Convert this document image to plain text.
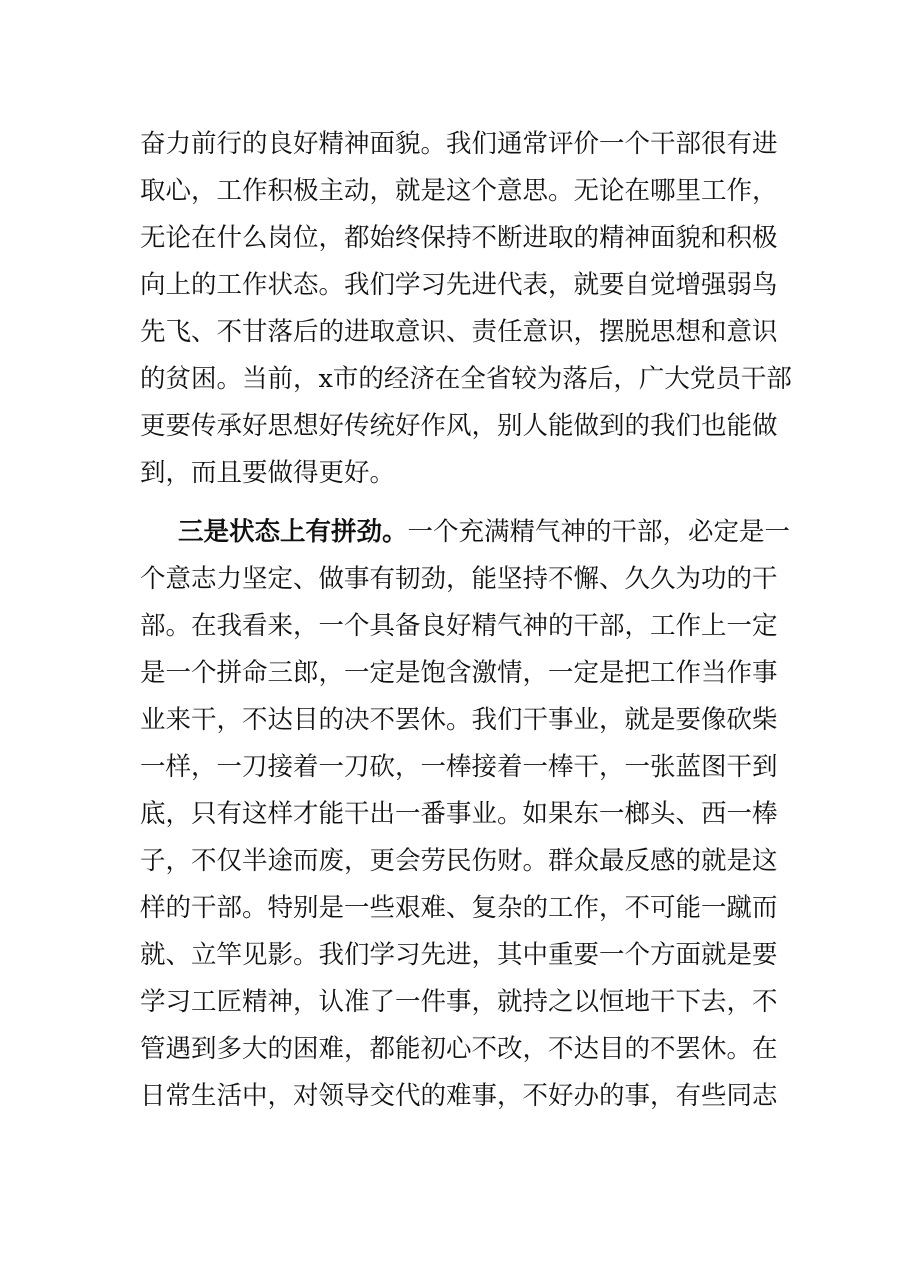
奋力前行的良好精神面貌。我们通常评价一个干部很有进
取心，工作积极主动，就是这个意思。无论在哪里工作，
无论在什么岗位，都始终保持不断进取的精神面貌和积极
向上的工作状态。我们学习先进代表，就要自觉增强弱鸟
先飞、不甘落后的进取意识、责任意识，摆脱思想和意识
的贫困。当前，x市的经济在全省较为落后，广大党员干部
更要传承好思想好传统好作风，别人能做到的我们也能做
到，而且要做得更好。
三是状态上有拼劲。一个充满精气神的干部，必定是一
个意志力坚定、做事有韧劲，能坚持不懈、久久为功的干
部。在我看来，一个具备良好精气神的干部，工作上一定
是一个拼命三郎，一定是饱含激情，一定是把工作当作事
业来干，不达目的决不罢休。我们干事业，就是要像砍柴
一样，一刀接着一刀砍，一棒接着一棒干，一张蓝图干到
底，只有这样才能干出一番事业。如果东一榔头、西一棒
子，不仅半途而废，更会劳民伤财。群众最反感的就是这
样的干部。特别是一些艰难、复杂的工作，不可能一蹴而
就、立竿见影。我们学习先进，其中重要一个方面就是要
学习工匠精神，认准了一件事，就持之以恒地干下去，不
管遇到多大的困难，都能初心不改，不达目的不罢休。在
日常生活中，对领导交代的难事，不好办的事，有些同志
